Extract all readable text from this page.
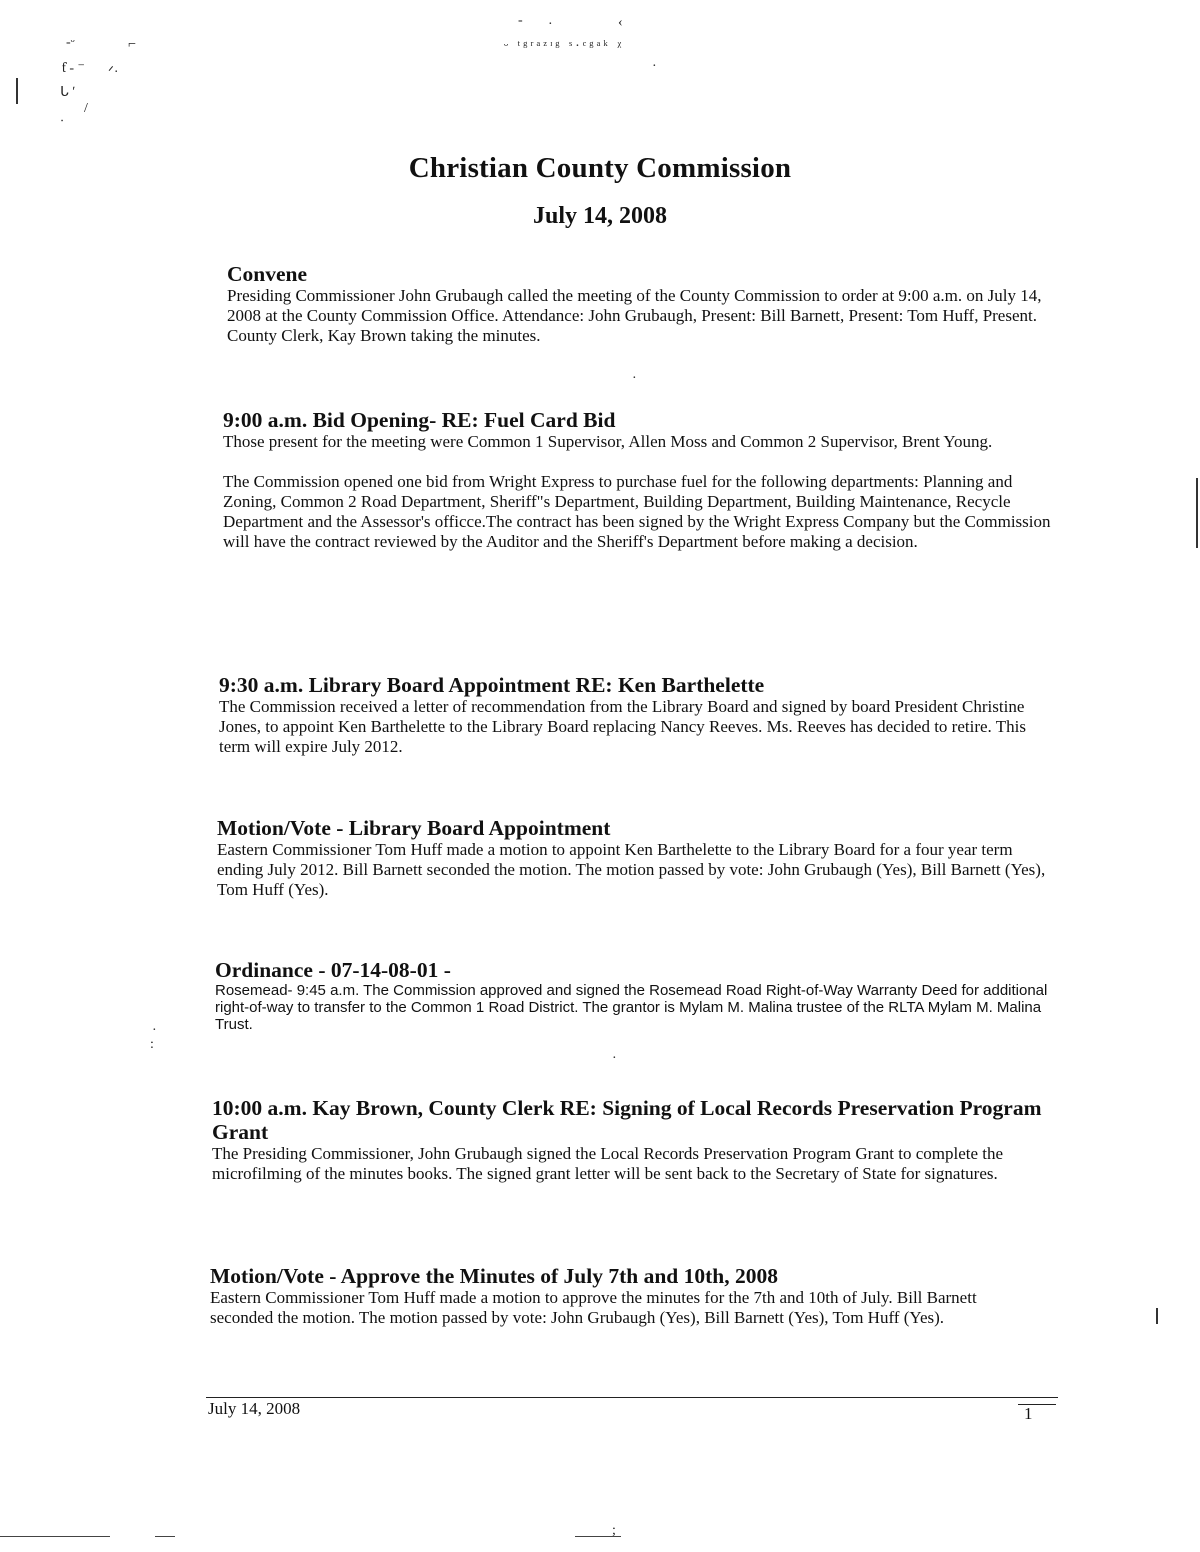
-ᵕ	⌐
ƭ - ⁻ ᐟ·
ᒐ ʹ
/
ᐝ
- ·	‹
ᵕ ᵗᵍʳᵃᶻᶦᵍ ˢ·ᶜᵍᵃᵏ ᵡ
·
·
:
·
·
;
Christian County Commission
July 14, 2008
Convene

Presiding Commissioner John Grubaugh called the meeting of the County Commission to order at 9:00 a.m. on July 14, 2008 at the County Commission Office. Attendance: John Grubaugh, Present: Bill Barnett, Present: Tom Huff, Present. County Clerk, Kay Brown taking the minutes.

9:00 a.m. Bid Opening- RE: Fuel Card Bid

Those present for the meeting were Common 1 Supervisor, Allen Moss and Common 2 Supervisor, Brent Young.

The Commission opened one bid from Wright Express to purchase fuel for the following departments: Planning and Zoning, Common 2 Road Department, Sheriff"s Department, Building Department, Building Maintenance, Recycle Department and the Assessor's officce.The contract has been signed by the Wright Express Company but the Commission will have the contract reviewed by the Auditor and the Sheriff's Department before making a decision.

9:30 a.m. Library Board Appointment RE: Ken Barthelette

The Commission received a letter of recommendation from the Library Board and signed by board President Christine Jones, to appoint Ken Barthelette to the Library Board replacing Nancy Reeves. Ms. Reeves has decided to retire. This term will expire July 2012.

Motion/Vote - Library Board Appointment

Eastern Commissioner Tom Huff made a motion to appoint Ken Barthelette to the Library Board for a four year term ending July 2012. Bill Barnett seconded the motion. The motion passed by vote: John Grubaugh (Yes), Bill Barnett (Yes), Tom Huff (Yes).

Ordinance - 07-14-08-01 -

Rosemead- 9:45 a.m. The Commission approved and signed the Rosemead Road Right-of-Way Warranty Deed for additional right-of-way to transfer to the Common 1 Road District. The grantor is Mylam M. Malina trustee of the RLTA Mylam M. Malina Trust.

10:00 a.m. Kay Brown, County Clerk RE: Signing of Local Records Preservation Program Grant

The Presiding Commissioner, John Grubaugh signed the Local Records Preservation Program Grant to complete the microfilming of the minutes books. The signed grant letter will be sent back to the Secretary of State for signatures.

Motion/Vote - Approve the Minutes of July 7th and 10th, 2008

Eastern Commissioner Tom Huff made a motion to approve the minutes for the 7th and 10th of July. Bill Barnett seconded the motion. The motion passed by vote: John Grubaugh (Yes), Bill Barnett (Yes), Tom Huff (Yes).

July 14, 2008	1
